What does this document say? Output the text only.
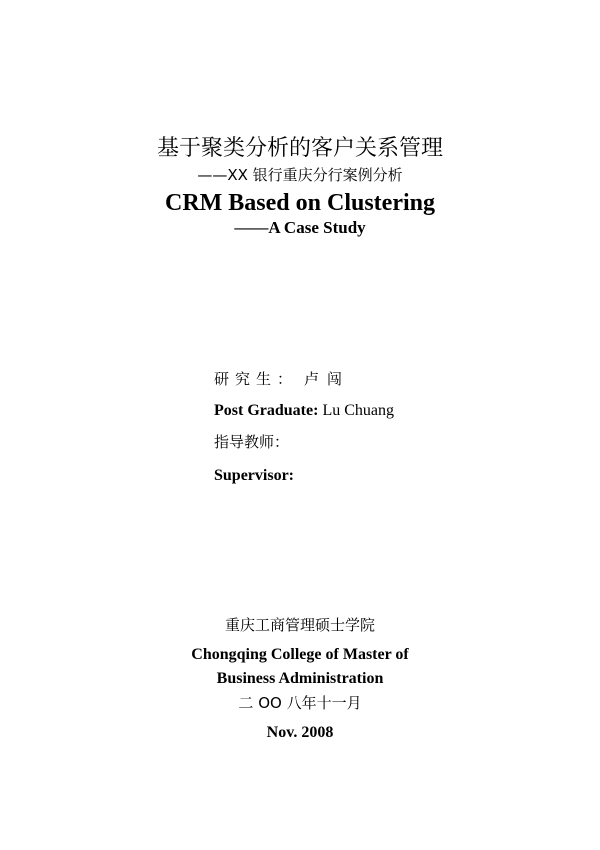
基于聚类分析的客户关系管理
——XX 银行重庆分行案例分析
CRM Based on Clustering
——A Case Study
研究生： 卢闯
Post Graduate: Lu Chuang
指导教师：
Supervisor:
重庆工商管理硕士学院
Chongqing College of Master of
Business Administration
二 OO 八年十一月
Nov. 2008
